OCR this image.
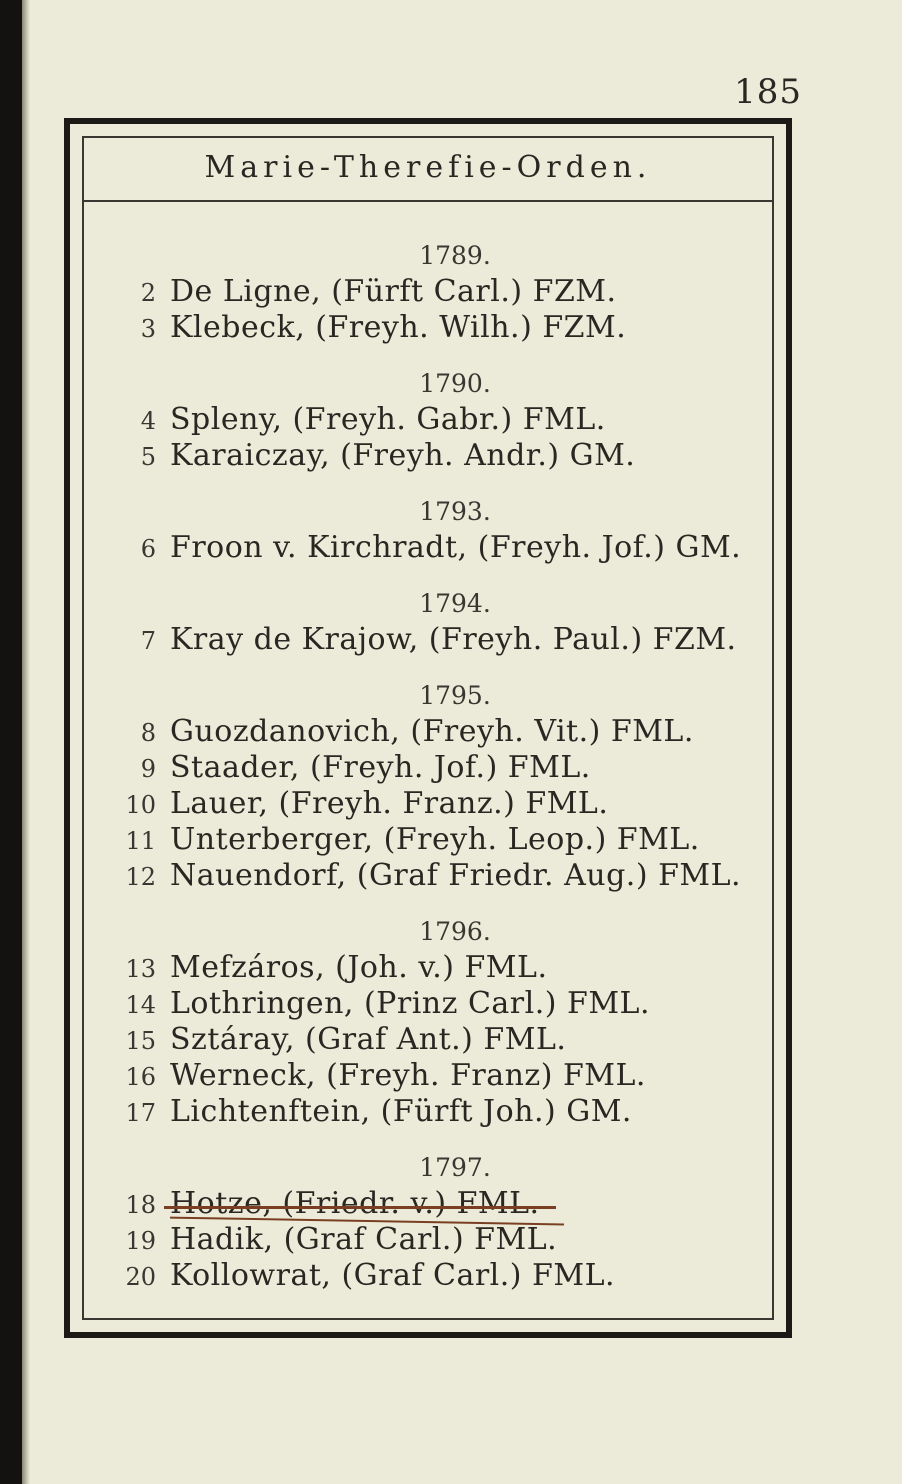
185
Marie-Therefie-Orden.
1789.
2 De Ligne, (Fürft Carl.) FZM.
3 Klebeck, (Freyh. Wilh.) FZM.
1790.
4 Spleny, (Freyh. Gabr.) FML.
5 Karaiczay, (Freyh. Andr.) GM.
1793.
6 Froon v. Kirchradt, (Freyh. Jof.) GM.
1794.
7 Kray de Krajow, (Freyh. Paul.) FZM.
1795.
8 Guozdanovich, (Freyh. Vit.) FML.
9 Staader, (Freyh. Jof.) FML.
10 Lauer, (Freyh. Franz.) FML.
11 Unterberger, (Freyh. Leop.) FML.
12 Nauendorf, (Graf Friedr. Aug.) FML.
1796.
13 Mefzáros, (Joh. v.) FML.
14 Lothringen, (Prinz Carl.) FML.
15 Sztáray, (Graf Ant.) FML.
16 Werneck, (Freyh. Franz) FML.
17 Lichtenftein, (Fürft Joh.) GM.
1797.
18 Hotze, (Friedr. v.) FML.
19 Hadik, (Graf Carl.) FML.
20 Kollowrat, (Graf Carl.) FML.
